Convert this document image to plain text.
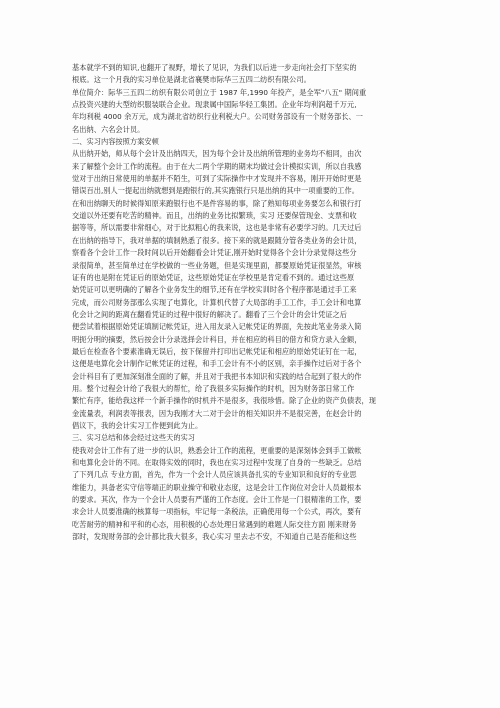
基本就学不到的知识,也翻开了视野，增长了见识，为我们以后进一步走向社会打下坚实的
根底。这一个月我的实习单位是湖北省襄樊市际华三五四二纺织有限公司。
单位简介：际华三五四二纺织有限公司创立于 1987 年,1990 年投产，是全军"八五" 期间重
点投资兴建的大型纺织服装联合企业。现隶属中国际华轻工集团。企业年均利润超千万元,
年均利税 4000 余万元，成为湖北省纺织行业利税大户。公司财务部设有一个财务部长、一
名出纳、六名会计员。
二、实习内容按照方案安顿
从出纳开始，师从每个会计及出纳四天，因为每个会计及出纳所管理的业务均不相同，由次
来了解整个会计工作的流程。由于在大二两个学期的期末均做过会计模拟实训，所以自我感
觉对于出纳日常使用的单据并不陌生，可到了实际操作中才发现并不容易，刚开开始时更是
错误百出,别人一提起出纳就想到是跑银行的,其实跑银行只是出纳的其中一项重要的工作。
在和出纳聊天的时候得知原来跑银行也不是件容易的事，除了熟知每项业务要怎么和银行打
交道以外还要有吃苦的精神。而且，出纳的业务比拟繁琐，实习 还要保管现金、支票和收
据等等，所以需要非常细心，对于比拟粗心的我来说，这也是非常有必要学习的。几天过后
在出纳的指导下，我对单据的填制熟悉了很多。接下来的就是跟随分管各类业务的会计员，
察看各个会计工作一段时间以后开始翻看会计凭证,刚开始时觉得各个会计分录觉得这些分
录很简单，甚至简单过在学校做的一些业务题，但是实现里面，都要原始凭证很显然，审核
证有的也是附在凭证后的原始凭证，这些原始凭证在学校里是肯定看不到的。通过这些原
始凭证可以更明确的了解各个业务发生的细节,还有在学校实训时各个程序都是通过手工来
完成，而公司财务部那么实现了电算化，计算机代替了大局部的手工工作，手工会计和电算
化会计之间的距离在翻看凭证的过程中很好的解决了。翻看了三个会计的会计凭证之后
便尝试着根据原始凭证填制记帐凭证，进入用友录入记帐凭证的界面，先按此笔业务录入简
明扼分明的摘要，然后按会计分录选择会计科目，并在相应的科目的借方和贷方录入金额，
最后在检查各个要素准确无误后，按下保留并打印出记帐凭证和相应的原始凭证钉在一起，
这便是电算化会计制作记帐凭证的过程，和手工会计有不小的区别，亲手操作过后对于各个
会计科目有了更加深刻准全面的了解，并且对于我把书本知识和实践的结合起到了很大的作
用。整个过程会计给了我很大的帮忙，给了我很多实际操作的时机，因为财务部日常工作
繁忙有序，能给我这样一个新手操作的时机并不是很多，我很珍惜。除了企业的资产负债表，现
金流量表，利润表等报表，因为我刚才大二对于会计的相关知识并不是很完善，在赵会计的
倡议下，我的会计实习工作便到此为止。
三、实习总结和体会经过这些天的实习
使我对会计工作有了进一步的认识，熟悉会计工作的流程，更重要的是深刻体会到手工做帐
和电算化会计的不同。在取得实效的同时，我也在实习过程中发现了自身的一些缺乏。总结
了下列几点 专业方面，首先，作为一个会计人员应该具备扎实的专业知识和良好的专业思
维能力，具备老实守信等端正的职业操守和敬业态度，这是会计工作岗位对会计人员最根本
的要求。其次，作为一个会计人员要有严谨的工作态度。会计工作是一门很精准的工作，要
求会计人员要准确的核算每一项指标，牢记每一条税法，正确使用每一个公式，再次，要有
吃苦耐劳的精神和平和的心态，用积极的心态处理日常遇到的难题人际交往方面 刚来财务
部时，发现财务部的会计都比我大很多，我心实习 里去忐不安，不知道自己是否能和这些
